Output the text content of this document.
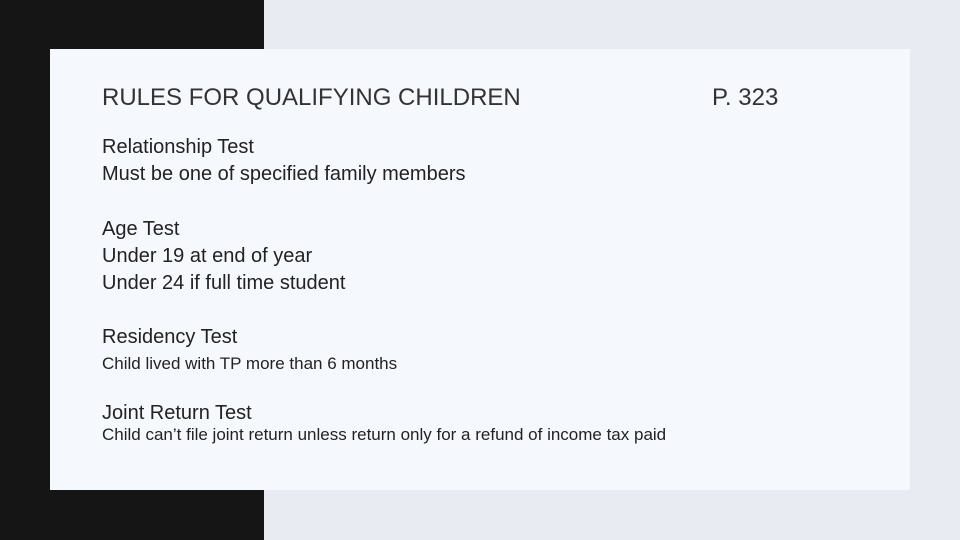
RULES FOR QUALIFYING CHILDREN	P. 323
Relationship Test
Must be one of specified family members
Age Test
Under 19 at end of year
Under 24 if full time student
Residency Test
Child lived with TP more than 6 months
Joint Return Test
Child can’t file joint return unless return only for a refund of income tax paid
